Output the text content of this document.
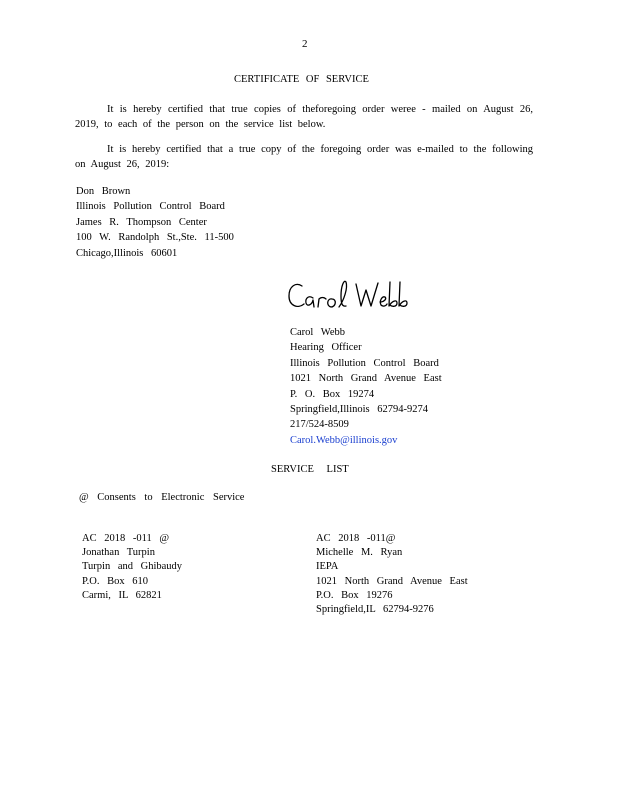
2
CERTIFICATE OF SERVICE
It is hereby certified that true copies of theforegoing order weree - mailed on August 26, 2019, to each of the person on the service list below.
It is hereby certified that a true copy of the foregoing order was e-mailed to the following on August 26, 2019:
Don Brown
Illinois Pollution Control Board
James R. Thompson Center
100 W. Randolph St.,Ste. 11-500
Chicago,Illinois 60601
Carol Webb
Hearing Officer
Illinois Pollution Control Board
1021 North Grand Avenue East
P. O. Box 19274
Springfield,Illinois 62794-9274
217/524-8509
Carol.Webb@illinois.gov
SERVICE LIST
@ Consents to Electronic Service
AC 2018 -011 @
Jonathan Turpin
Turpin and Ghibaudy
P.O. Box 610
Carmi, IL 62821
AC 2018 -011@
Michelle M. Ryan
IEPA
1021 North Grand Avenue East
P.O. Box 19276
Springfield,IL 62794-9276
